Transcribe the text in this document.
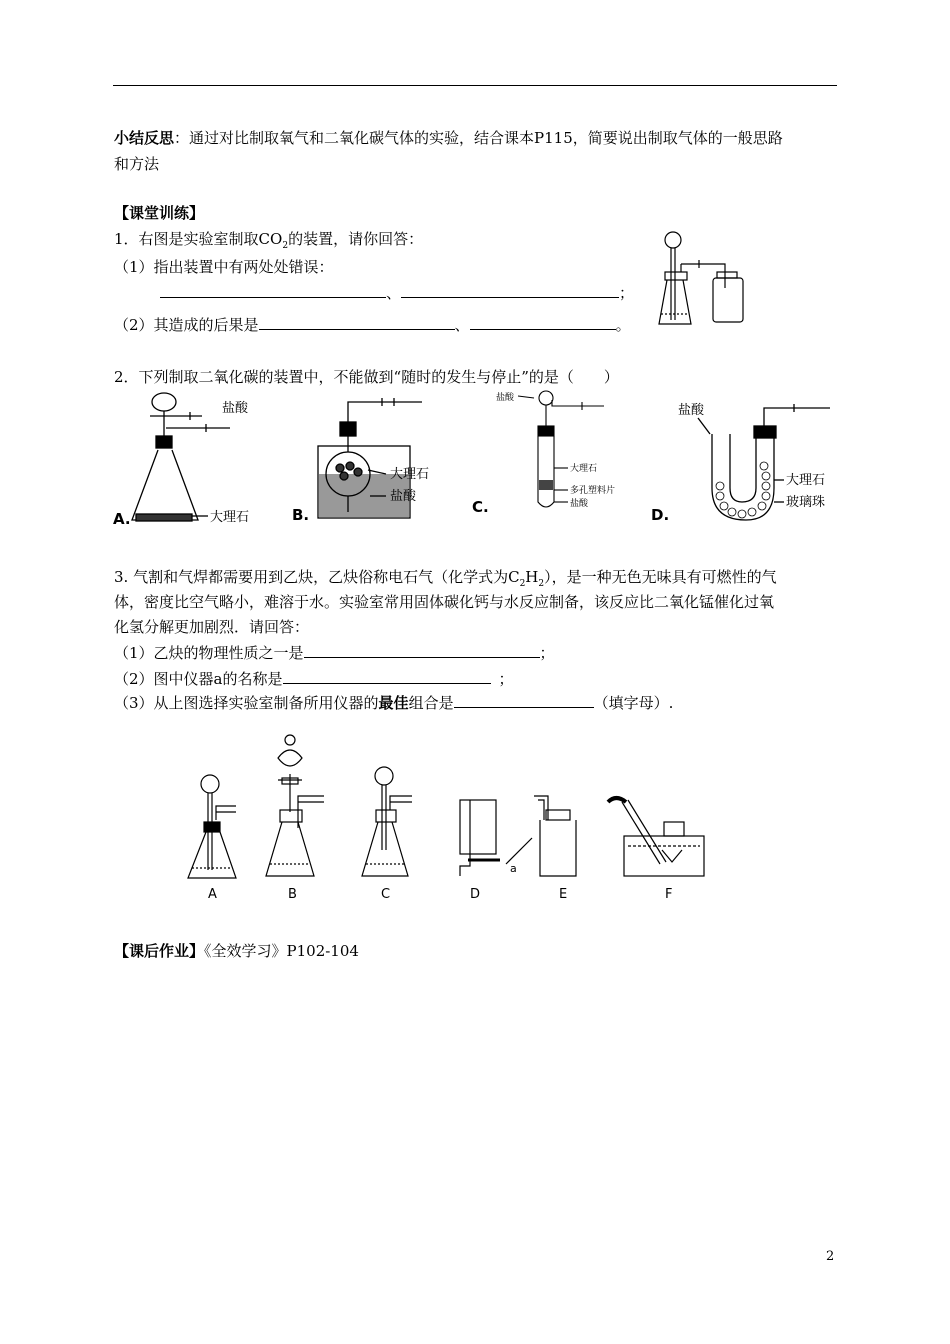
小结反思：通过对比制取氧气和二氧化碳气体的实验，结合课本P115，简要说出制取气体的一般思路
和方法
【课堂训练】
1．右图是实验室制取$CO_2$的装置，请你回答：
（1）指出装置中有两处处错误：
、	；
（2）其造成的后果是	、	。
2．下列制取二氧化碳的装置中，不能做到“随时的发生与停止”的是（　　）
盐酸
大理石
A.
大理石
盐酸
B.
盐酸
大理石
多孔塑料片
盐酸
C.
盐酸
大理石
玻璃珠
D.
3. 气割和气焊都需要用到乙炔，乙炔俗称电石气（化学式为$C_2H_2$），是一种无色无味具有可燃性的气
体，密度比空气略小，难溶于水。实验室常用固体碳化钙与水反应制备，该反应比二氧化锰催化过氧
化氢分解更加剧烈．请回答：
（1）乙炔的物理性质之一是	；
（2）图中仪器a的名称是	；
（3）从上图选择实验室制备所用仪器的最佳组合是	（填字母）.
a
A	B	C	D	E	F
【课后作业】《全效学习》P102-104
2
